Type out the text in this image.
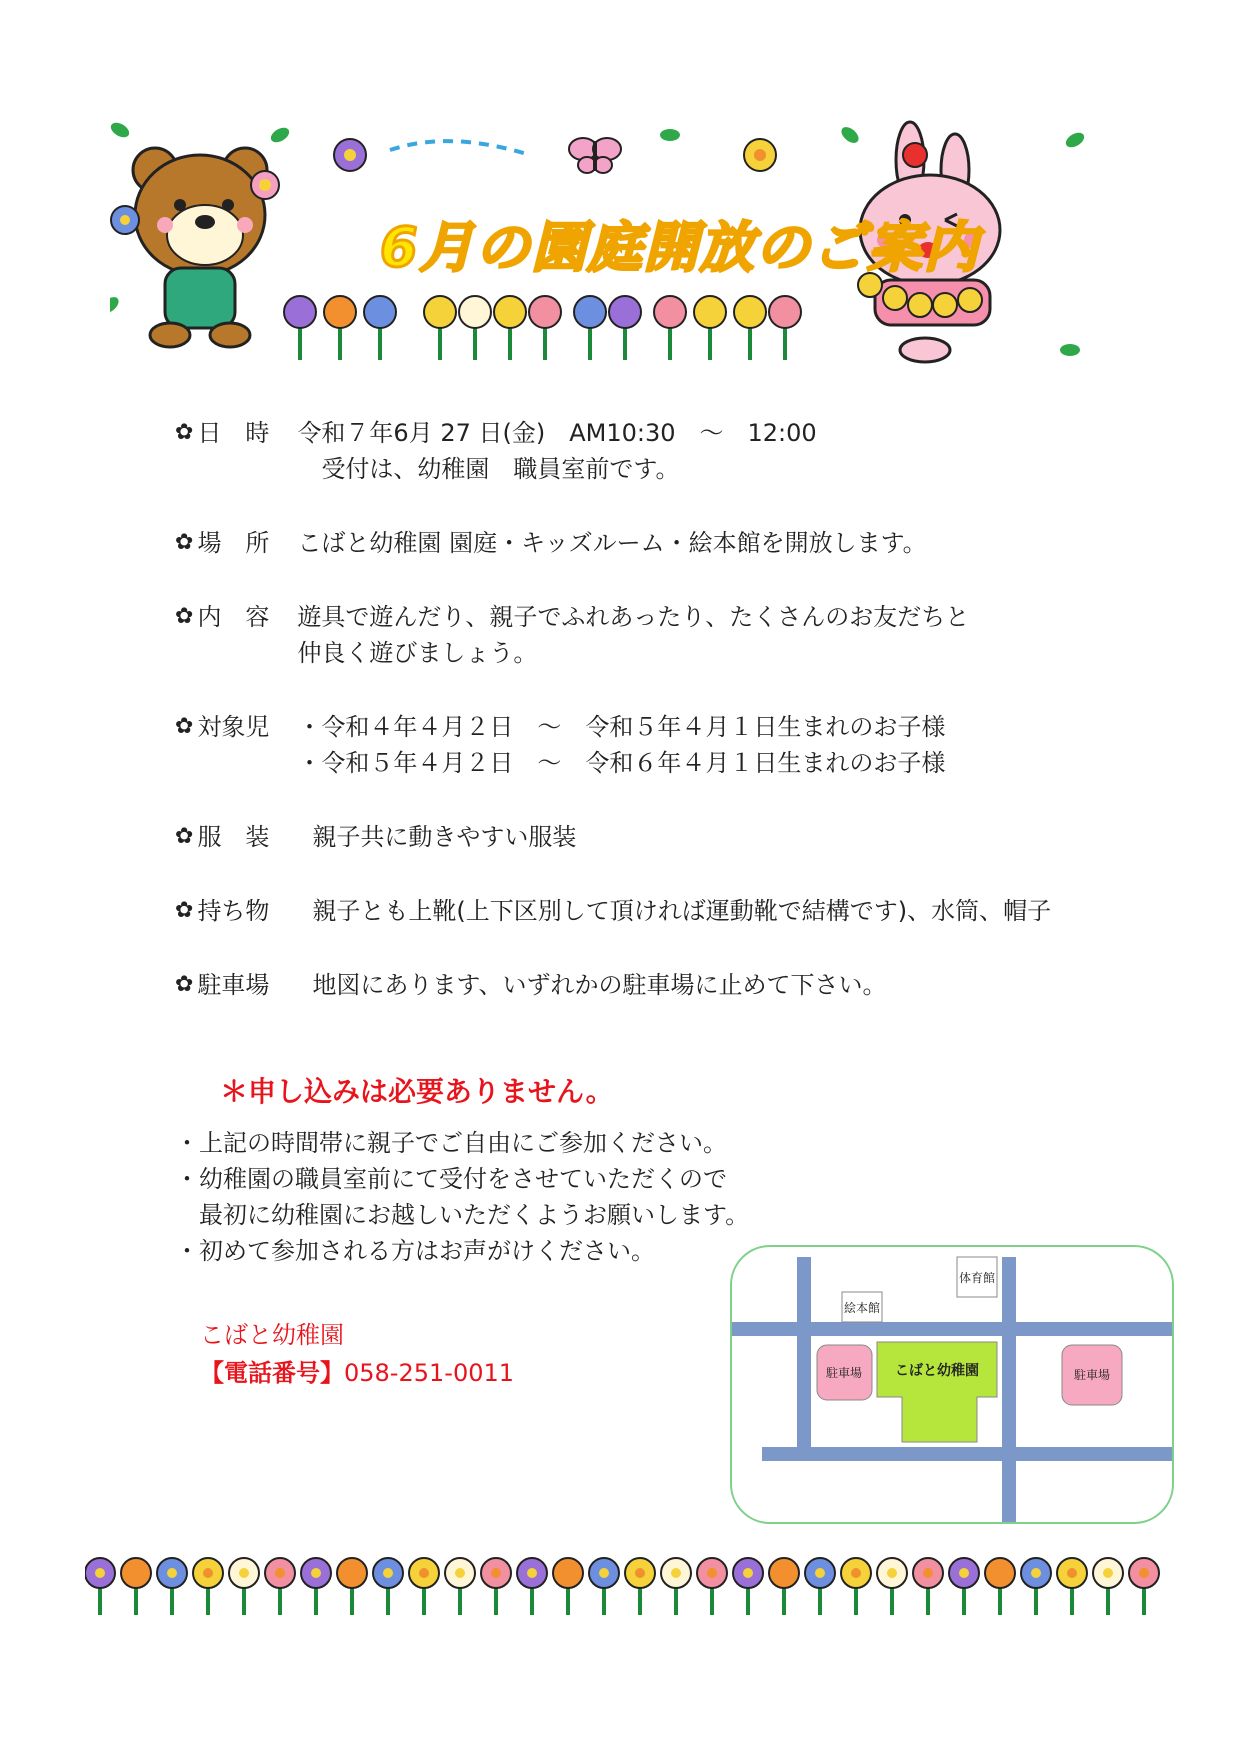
6月の園庭開放のご案内
✿ 日　時	令和７年6月 27 日(金)　AM10:30　～　12:00
受付は、幼稚園　職員室前です。
✿ 場　所	こばと幼稚園 園庭・キッズルーム・絵本館を開放します。
✿ 内　容	遊具で遊んだり、親子でふれあったり、たくさんのお友だちと
仲良く遊びましょう。
✿ 対象児	・令和４年４月２日　～　令和５年４月１日生まれのお子様
・令和５年４月２日　～　令和６年４月１日生まれのお子様
✿ 服　装	親子共に動きやすい服装
✿ 持ち物	親子とも上靴(上下区別して頂ければ運動靴で結構です)、水筒、帽子
✿ 駐車場	地図にあります、いずれかの駐車場に止めて下さい。
＊申し込みは必要ありません。
・上記の時間帯に親子でご自由にご参加ください。
・幼稚園の職員室前にて受付をさせていただくので
　最初に幼稚園にお越しいただくようお願いします。
・初めて参加される方はお声がけください。
こばと幼稚園
【電話番号】058-251-0011
体育館
絵本館
駐車場 こばと幼稚園	駐車場
